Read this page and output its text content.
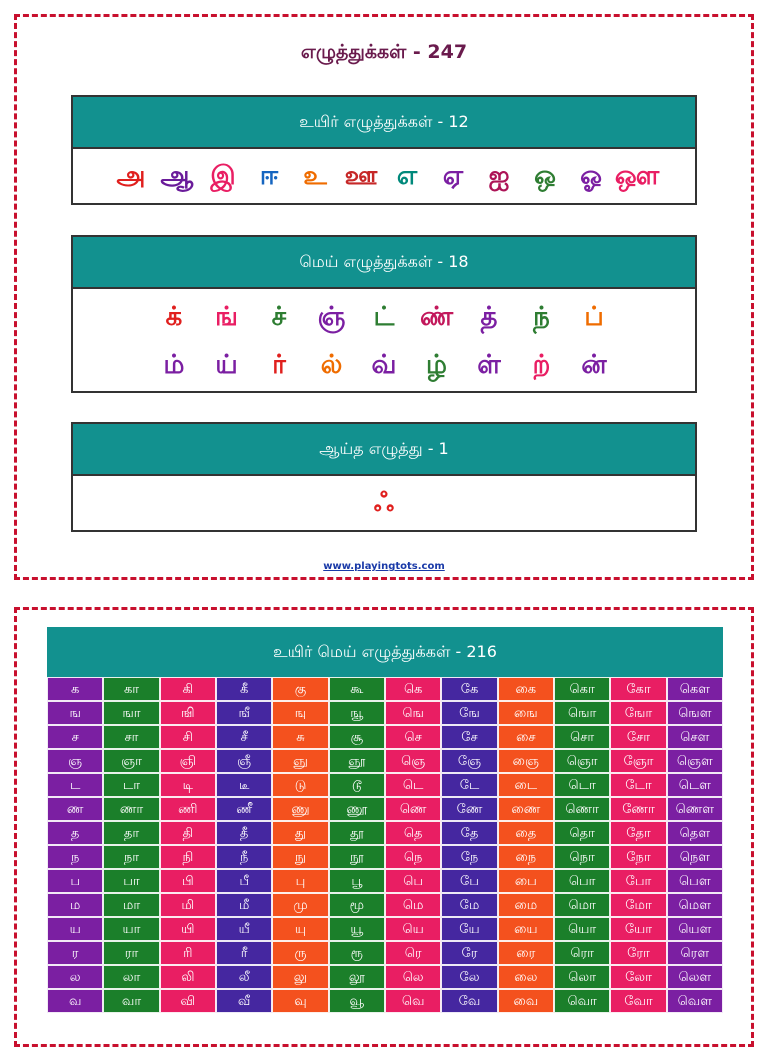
எழுத்துக்கள் - 247
உயிர் எழுத்துக்கள் - 12
அ ஆ இ ஈ உ ஊ எ ஏ ஐ ஒ ஓ ஔ
மெய் எழுத்துக்கள் - 18
க்	ங்	ச்	ஞ்	ட் ண்	த்	ந்	ப்
ம்	ய்	ர்	ல்	வ்	ழ்	ள்	ற்	ன்
ஆய்த எழுத்து - 1
ஃ
www.playingtots.com
உயிர் மெய் எழுத்துக்கள் - 216
க	கா	கி	கீ	கு	கூ	கெ	கே	கை	கொ	கோ	கௌ
ங	ஙா	ஙி	ஙீ	ஙு	ஙூ	ஙெ	ஙே	ஙை	ஙொ	ஙோ	ஙௌ
ச	சா	சி	சீ	சு	சூ	செ	சே	சை	சொ	சோ	சௌ
ஞ	ஞா	ஞி	ஞீ	ஞு	ஞூ	ஞெ	ஞே	ஞை	ஞொ	ஞோ	ஞௌ
ட	டா	டி	டீ	டு	டூ	டெ	டே	டை	டொ	டோ	டௌ
ண	ணா	ணி	ணீ	ணு	ணூ	ணெ	ணே	ணை	ணொ	ணோ	ணௌ
த	தா	தி	தீ	து	தூ	தெ	தே	தை	தொ	தோ	தௌ
ந	நா	நி	நீ	நு	நூ	நெ	நே	நை	நொ	நோ	நௌ
ப	பா	பி	பீ	பு	பூ	பெ	பே	பை	பொ	போ	பௌ
ம	மா	மி	மீ	மு	மூ	மெ	மே	மை	மொ	மோ	மௌ
ய	யா	யி	யீ	யு	யூ	யெ	யே	யை	யொ	யோ	யௌ
ர	ரா	ரி	ரீ	ரு	ரூ	ரெ	ரே	ரை	ரொ	ரோ	ரௌ
ல	லா	லி	லீ	லு	லூ	லெ	லே	லை	லொ	லோ	லௌ
வ	வா	வி	வீ	வு	வூ	வெ	வே	வை	வொ	வோ	வௌ
